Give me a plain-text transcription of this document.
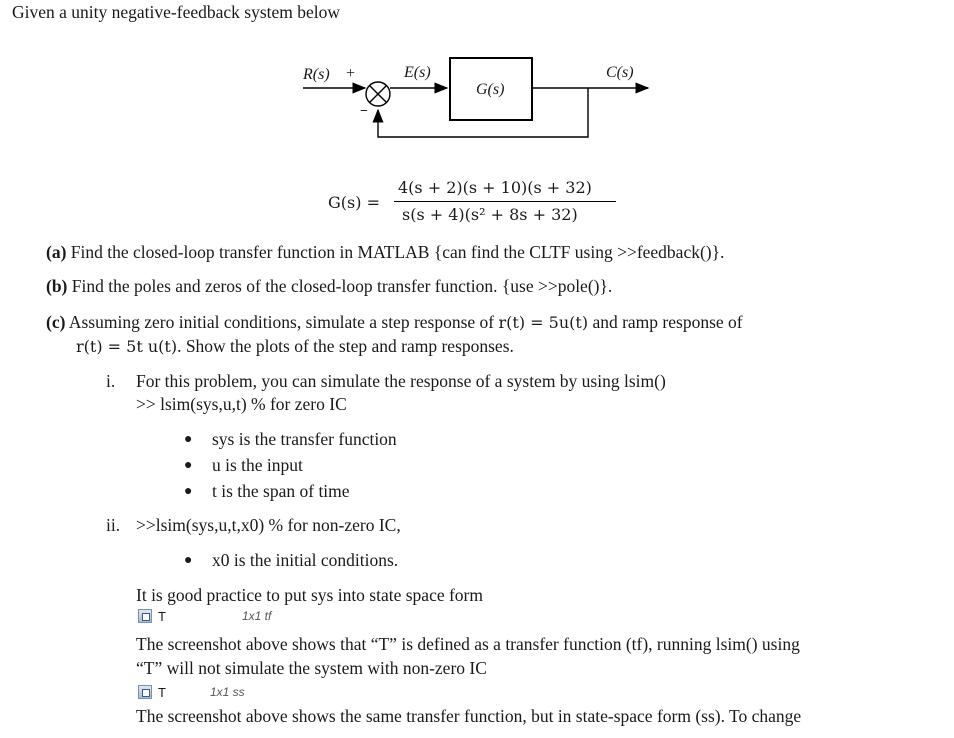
Given a unity negative-feedback system below
R(s) +
−
E(s)
G(s)
C(s)
G(s) =
4(s + 2)(s + 10)(s + 32)
s(s + 4)(s² + 8s + 32)
(a) Find the closed-loop transfer function in MATLAB {can find the CLTF using >>feedback()}.
(b) Find the poles and zeros of the closed-loop transfer function. {use >>pole()}.
(c) Assuming zero initial conditions, simulate a step response of r(t) = 5u(t) and ramp response of
r(t) = 5t u(t). Show the plots of the step and ramp responses.
i. For this problem, you can simulate the response of a system by using lsim()
>> lsim(sys,u,t) % for zero IC
● sys is the transfer function
● u is the input
● t is the span of time
ii. >>lsim(sys,u,t,x0) % for non-zero IC,
● x0 is the initial conditions.
It is good practice to put sys into state space form
T	1x1 tf
The screenshot above shows that “T” is defined as a transfer function (tf), running lsim() using
“T” will not simulate the system with non-zero IC
T	1x1 ss
The screenshot above shows the same transfer function, but in state-space form (ss). To change
